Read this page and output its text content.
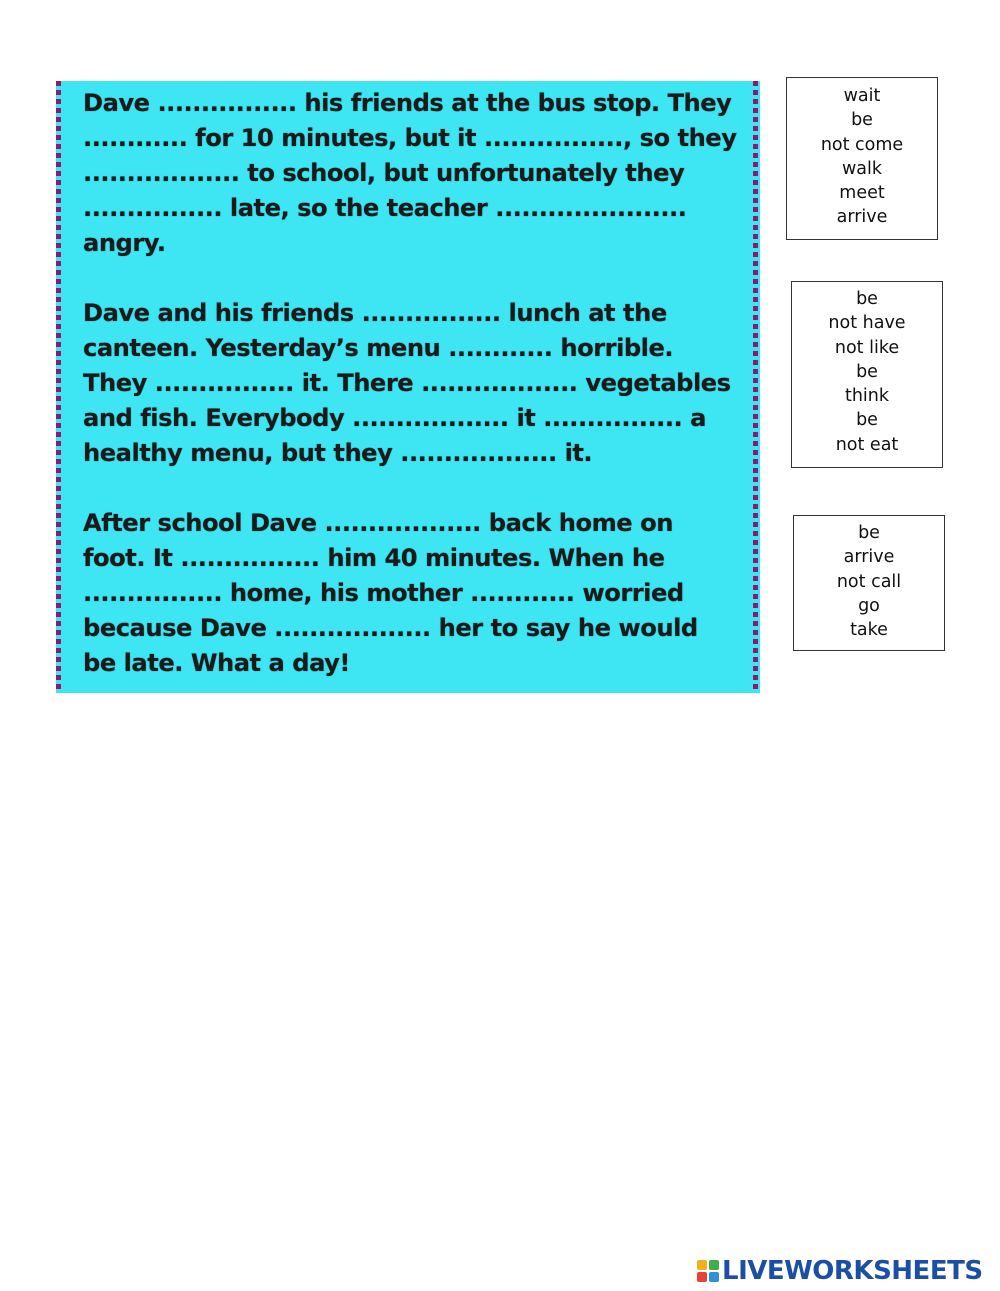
Dave ................ his friends at the bus stop. They
............ for 10 minutes, but it ................, so they
.................. to school, but unfortunately they
................ late, so the teacher ......................
angry.

Dave and his friends ................ lunch at the
canteen. Yesterday’s menu ............ horrible.
They ................ it. There .................. vegetables
and fish. Everybody .................. it ................ a
healthy menu, but they .................. it.

After school Dave .................. back home on
foot. It ................ him 40 minutes. When he
................ home, his mother ............ worried
because Dave .................. her to say he would
be late. What a day!

wait
be
not come
walk
meet
arrive
be
not have
not like
be
think
be
not eat
be
arrive
not call
go
take
LIVEWORKSHEETS
